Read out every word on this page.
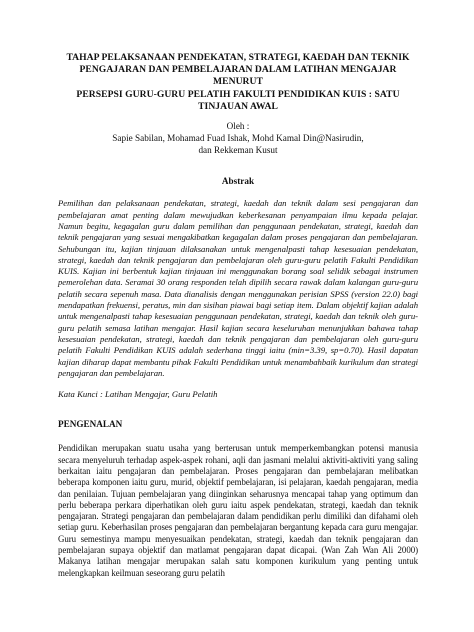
TAHAP PELAKSANAAN PENDEKATAN, STRATEGI, KAEDAH DAN TEKNIK
PENGAJARAN DAN PEMBELAJARAN DALAM LATIHAN MENGAJAR MENURUT
PERSEPSI GURU-GURU PELATIH FAKULTI PENDIDIKAN KUIS : SATU
TINJAUAN AWAL
Oleh :
Sapie Sabilan, Mohamad Fuad Ishak, Mohd Kamal Din@Nasirudin,
dan Rekkeman Kusut
Abstrak

Pemilihan dan pelaksanaan pendekatan, strategi, kaedah dan teknik dalam sesi pengajaran dan pembelajaran amat penting dalam mewujudkan keberkesanan penyampaian ilmu kepada pelajar. Namun begitu, kegagalan guru dalam pemilihan dan penggunaan pendekatan, strategi, kaedah dan teknik pengajaran yang sesuai mengakibatkan kegagalan dalam proses pengajaran dan pembelajaran. Sehubungan itu, kajian tinjauan dilaksanakan untuk mengenalpasti tahap kesesuaian pendekatan, strategi, kaedah dan teknik pengajaran dan pembelajaran oleh guru-guru pelatih Fakulti Pendidikan KUIS. Kajian ini berbentuk kajian tinjauan ini menggunakan borang soal selidik sebagai instrumen pemerolehan data. Seramai 30 orang responden telah dipilih secara rawak dalam kalangan guru-guru pelatih secara sepenuh masa. Data dianalisis dengan menggunakan perisian SPSS (version 22.0) bagi mendapatkan frekuensi, peratus, min dan sisihan piawai bagi setiap item. Dalam objektif kajian adalah untuk mengenalpasti tahap kesesuaian penggunaan pendekatan, strategi, kaedah dan teknik oleh guru-guru pelatih semasa latihan mengajar. Hasil kajian secara keseluruhan menunjukkan bahawa tahap kesesuaian pendekatan, strategi, kaedah dan teknik pengajaran dan pembelajaran oleh guru-guru pelatih Fakulti Pendidikan KUIS adalah sederhana tinggi iaitu (min=3.39, sp=0.70). Hasil dapatan kajian diharap dapat membantu pihak Fakulti Pendidikan untuk menambahbaik kurikulum dan strategi pengajaran dan pembelajaran.

Kata Kunci : Latihan Mengajar, Guru Pelatih

PENGENALAN

Pendidikan merupakan suatu usaha yang berterusan untuk memperkembangkan potensi manusia secara menyeluruh terhadap aspek-aspek rohani, aqli dan jasmani melalui aktiviti-aktiviti yang saling berkaitan iaitu pengajaran dan pembelajaran. Proses pengajaran dan pembelajaran melibatkan beberapa komponen iaitu guru, murid, objektif pembelajaran, isi pelajaran, kaedah pengajaran, media dan penilaian. Tujuan pembelajaran yang diinginkan seharusnya mencapai tahap yang optimum dan perlu beberapa perkara diperhatikan oleh guru iaitu aspek pendekatan, strategi, kaedah dan teknik pengajaran. Strategi pengajaran dan pembelajaran dalam pendidikan perlu dimiliki dan difahami oleh setiap guru. Keberhasilan proses pengajaran dan pembelajaran bergantung kepada cara guru mengajar. Guru semestinya mampu menyesuaikan pendekatan, strategi, kaedah dan teknik pengajaran dan pembelajaran supaya objektif dan matlamat pengajaran dapat dicapai. (Wan Zah Wan Ali 2000) Makanya latihan mengajar merupakan salah satu komponen kurikulum yang penting untuk melengkapkan keilmuan seseorang guru pelatih
